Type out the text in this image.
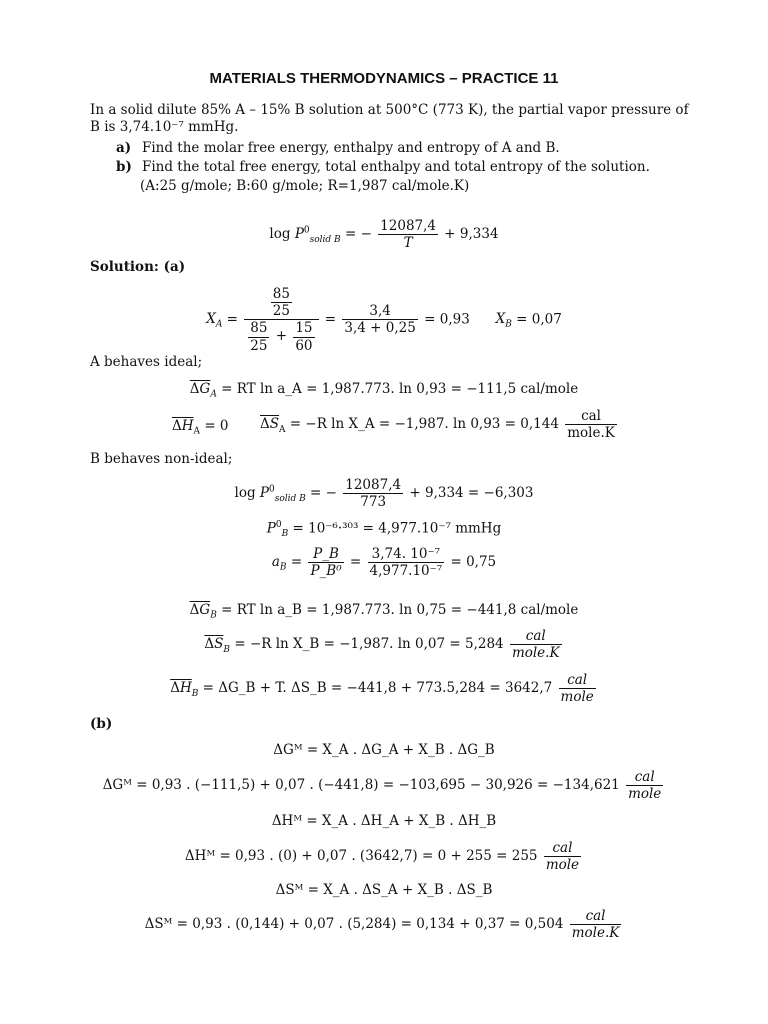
MATERIALS THERMODYNAMICS – PRACTICE 11
In a solid dilute 85% A – 15% B solution at 500°C (773 K), the partial vapor pressure of B is 3,74.10⁻⁷ mmHg.
a) Find the molar free energy, enthalpy and entropy of A and B.
b) Find the total free energy, total enthalpy and total entropy of the solution.
(A:25 g/mole; B:60 g/mole; R=1,987 cal/mole.K)
$\log P^0_{solid B}$ = − $\frac{12087,4}{T} + 9,334$
Solution: (a)
$X_A = \frac{\frac{85}{25}}{\frac{85}{25} + \frac{15}{60}} = \frac{3,4}{3,4 + 0,25} = 0,93$ $X_B = 0,07$
A behaves ideal;
$\Delta G_A$ = RT ln a_A = 1,987.773. ln 0,93 = −111,5 cal/mole
$\Delta H_A = 0$ $\Delta S_A = -R$ ln X_A = −1,987. $\ln 0,93 = 0,144 \frac{\text{cal}}{\text{mole.K}}$
B behaves non-ideal;
$\log P^0_{solid B}$ = − $\frac{12087,4}{773} + 9,334 = -6,303$
$P^0_B = 10^{-6}\cdot^{303} = 4,977.10^{-7}$ mmHg
$a_B = \frac{P\_B}{\text{P\_B⁰}} = \frac{\text{3,74. 10⁻⁷}}{\text{4,977.10⁻⁷}} = 0,75$
$\Delta G_B$ = RT ln a_B = 1,987.773. ln 0,75 = −441,8 cal/mole
$\Delta S_B = -R$ ln X_B = −1,987. $\ln 0,07 = 5,284 \frac{\text{cal}}{\text{mole.K}}$
$\Delta H_B$ = ΔG_B + T. ΔS_B = $-441,8 + 773.5,284 = 3642,7 \frac{\text{cal}}{\text{mole}}$
(b)
ΔGᴹ = X_A . ΔG_A + X_B . ΔG_B
ΔGᴹ = 0,93 . (−111,5) + 0,07 . $(-441,8) = -103,695 - 30,926 = -134,621 \frac{\text{cal}}{\text{mole}}$
ΔHᴹ = X_A . ΔH_A + X_B . ΔH_B
ΔHᴹ = 0,93 . (0) + 0,07 . $(3642,7) = 0 + 255 = 255 \frac{\text{cal}}{\text{mole}}$
ΔSᴹ = X_A . ΔS_A + X_B . ΔS_B
ΔSᴹ = 0,93 . (0,144) + 0,07 . $(5,284) = 0,134 + 0,37 = 0,504 \frac{\text{cal}}{\text{mole.K}}$
